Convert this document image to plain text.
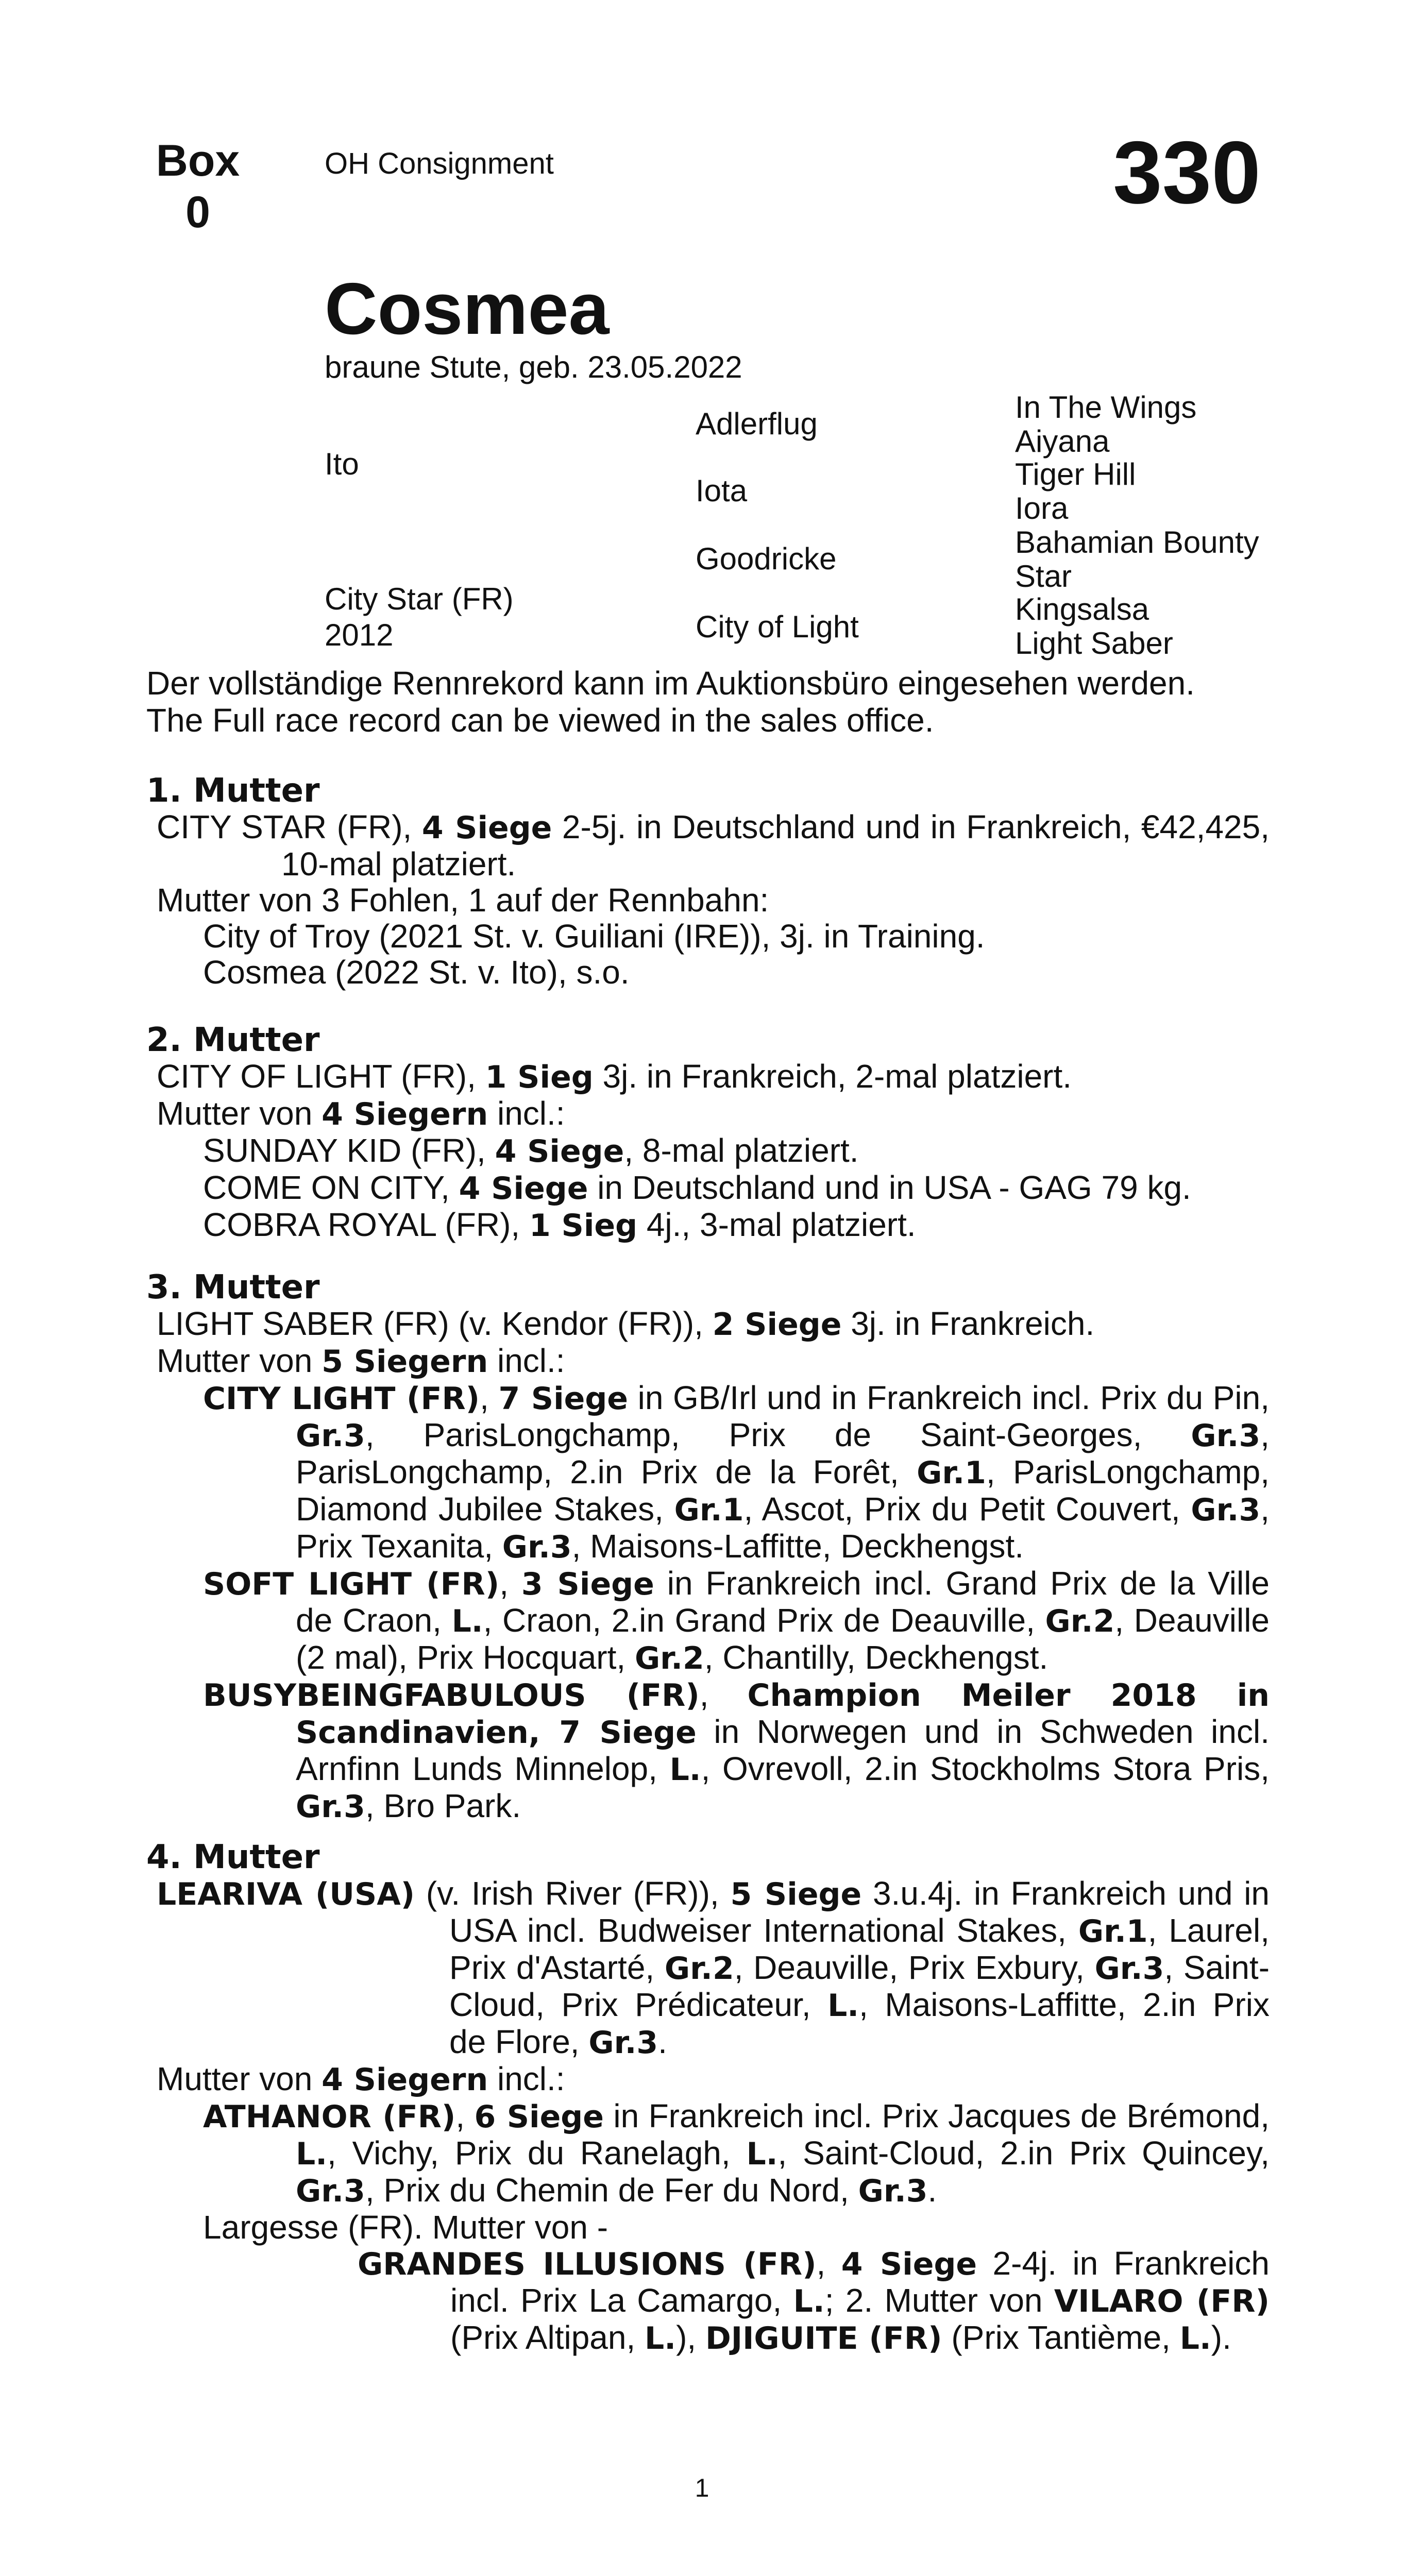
Box
0
OH Consignment	330
Cosmea
braune Stute, geb. 23.05.2022
Ito
Adlerflug
Iota
Goodricke
City of Light
City Star (FR)
2012
In The Wings
Aiyana
Tiger Hill
Iora
Bahamian Bounty
Star
Kingsalsa
Light Saber
Der vollständige Rennrekord kann im Auktionsbüro eingesehen werden.
The Full race record can be viewed in the sales office.
1. Mutter
CITY STAR (FR), 4 Siege 2-5j. in Deutschland und in Frankreich, €42,425, 10-mal platziert.
Mutter von 3 Fohlen, 1 auf der Rennbahn:
City of Troy (2021 St. v. Guiliani (IRE)), 3j. in Training.
Cosmea (2022 St. v. Ito), s.o.
2. Mutter
CITY OF LIGHT (FR), 1 Sieg 3j. in Frankreich, 2-mal platziert.
Mutter von 4 Siegern incl.:
SUNDAY KID (FR), 4 Siege, 8-mal platziert.
COME ON CITY, 4 Siege in Deutschland und in USA - GAG 79 kg.
COBRA ROYAL (FR), 1 Sieg 4j., 3-mal platziert.
3. Mutter
LIGHT SABER (FR) (v. Kendor (FR)), 2 Siege 3j. in Frankreich.
Mutter von 5 Siegern incl.:
CITY LIGHT (FR), 7 Siege in GB/Irl und in Frankreich incl. Prix du Pin, Gr.3, ParisLongchamp, Prix de Saint-Georges, Gr.3, ParisLongchamp, 2.in Prix de la Forêt, Gr.1, ParisLongchamp, Diamond Jubilee Stakes, Gr.1, Ascot, Prix du Petit Couvert, Gr.3, Prix Texanita, Gr.3, Maisons-Laffitte, Deckhengst.
SOFT LIGHT (FR), 3 Siege in Frankreich incl. Grand Prix de la Ville de Craon, L., Craon, 2.in Grand Prix de Deauville, Gr.2, Deauville (2 mal), Prix Hocquart, Gr.2, Chantilly, Deckhengst.
BUSYBEINGFABULOUS (FR), Champion Meiler 2018 in Scandinavien, 7 Siege in Norwegen und in Schweden incl. Arnfinn Lunds Minnelop, L., Ovrevoll, 2.in Stockholms Stora Pris, Gr.3, Bro Park.
4. Mutter
LEARIVA (USA) (v. Irish River (FR)), 5 Siege 3.u.4j. in Frankreich und in USA incl. Budweiser International Stakes, Gr.1, Laurel, Prix d'Astarté, Gr.2, Deauville, Prix Exbury, Gr.3, Saint-Cloud, Prix Prédicateur, L., Maisons-Laffitte, 2.in Prix de Flore, Gr.3.
Mutter von 4 Siegern incl.:
ATHANOR (FR), 6 Siege in Frankreich incl. Prix Jacques de Brémond, L., Vichy, Prix du Ranelagh, L., Saint-Cloud, 2.in Prix Quincey, Gr.3, Prix du Chemin de Fer du Nord, Gr.3.
Largesse (FR). Mutter von -
GRANDES ILLUSIONS (FR), 4 Siege 2-4j. in Frankreich incl. Prix La Camargo, L.; 2. Mutter von VILARO (FR) (Prix Altipan, L.), DJIGUITE (FR) (Prix Tantième, L.).
1
